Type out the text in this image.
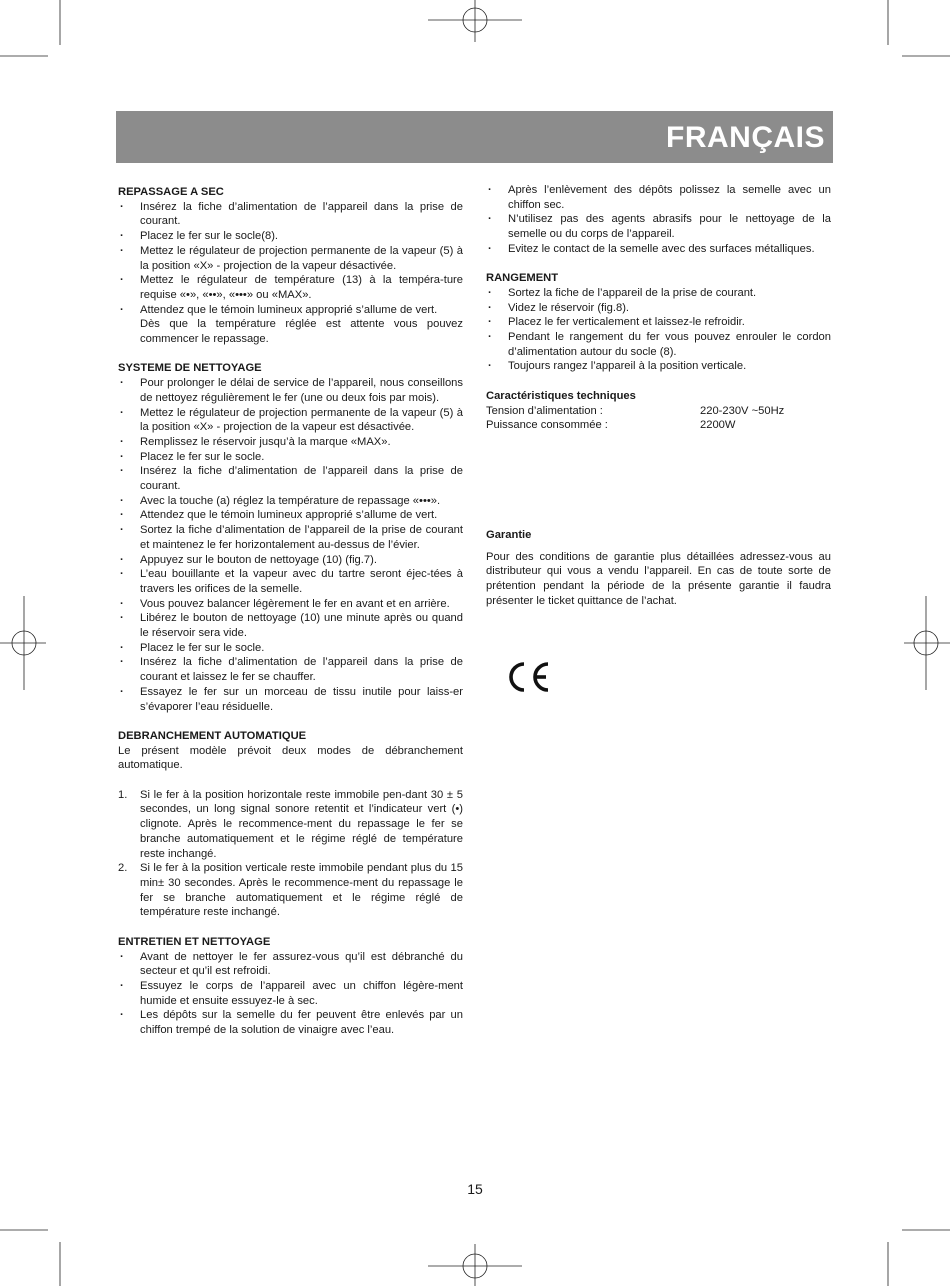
FRANÇAIS

REPASSAGE A SEC

· Insérez la fiche d’alimentation de l’appareil dans la prise de courant.
· Placez le fer sur le socle(8).
· Mettez le régulateur de projection permanente de la vapeur (5) à la position «X» - projection de la vapeur désactivée.
· Mettez le régulateur de température (13) à la tempéra-ture requise «•», «••», «•••» ou «MAX».
· Attendez que le témoin lumineux approprié s’allume de vert.
Dès que la température réglée est attente vous pouvez commencer le repassage.

SYSTEME DE NETTOYAGE

· Pour prolonger le délai de service de l’appareil, nous conseillons de nettoyez régulièrement le fer (une ou deux fois par mois).
· Mettez le régulateur de projection permanente de la vapeur (5) à la position «X» - projection de la vapeur est désactivée.
· Remplissez le réservoir jusqu’à la marque «MAX».
· Placez le fer sur le socle.
· Insérez la fiche d’alimentation de l’appareil dans la prise de courant.
· Avec la touche (a) réglez la température de repassage «•••».
· Attendez que le témoin lumineux approprié s’allume de vert.
· Sortez la fiche d’alimentation de l’appareil de la prise de courant et maintenez le fer horizontalement au-dessus de l’évier.
· Appuyez sur le bouton de nettoyage (10) (fig.7).
· L’eau bouillante et la vapeur avec du tartre seront éjec-tées à travers les orifices de la semelle.
· Vous pouvez balancer légèrement le fer en avant et en arrière.
· Libérez le bouton de nettoyage (10) une minute après ou quand le réservoir sera vide.
· Placez le fer sur le socle.
· Insérez la fiche d’alimentation de l’appareil dans la prise de courant et laissez le fer se chauffer.
· Essayez le fer sur un morceau de tissu inutile pour laiss-er s’évaporer l’eau résiduelle.

DEBRANCHEMENT AUTOMATIQUE

Le présent modèle prévoit deux modes de débranchement automatique.

1. Si le fer à la position horizontale reste immobile pen-dant 30 ± 5 secondes, un long signal sonore retentit et l’indicateur vert (•) clignote. Après le recommence-ment du repassage le fer se branche automatiquement et le régime réglé de température reste inchangé.
2. Si le fer à la position verticale reste immobile pendant plus du 15 min± 30 secondes. Après le recommence-ment du repassage le fer se branche automatiquement et le régime réglé de température reste inchangé.

ENTRETIEN ET NETTOYAGE

· Avant de nettoyer le fer assurez-vous qu’il est débranché du secteur et qu’il est refroidi.
· Essuyez le corps de l’appareil avec un chiffon légère-ment humide et ensuite essuyez-le à sec.
· Les dépôts sur la semelle du fer peuvent être enlevés par un chiffon trempé de la solution de vinaigre avec l’eau.
· Après l’enlèvement des dépôts polissez la semelle avec un chiffon sec.
· N’utilisez pas des agents abrasifs pour le nettoyage de la semelle ou du corps de l’appareil.
· Evitez le contact de la semelle avec des surfaces métalliques.

RANGEMENT

· Sortez la fiche de l’appareil de la prise de courant.
· Videz le réservoir (fig.8).
· Placez le fer verticalement et laissez-le refroidir.
· Pendant le rangement du fer vous pouvez enrouler le cordon d’alimentation autour du socle (8).
· Toujours rangez l’appareil à la position verticale.

Caractéristiques techniques

Tension d’alimentation :	220-230V ~50Hz
Puissance consommée :	2200W

Garantie

Pour des conditions de garantie plus détaillées adressez-vous au distributeur qui vous a vendu l’appareil. En cas de toute sorte de prétention pendant la période de la présente garantie il faudra présenter le ticket quittance de l’achat.

15
